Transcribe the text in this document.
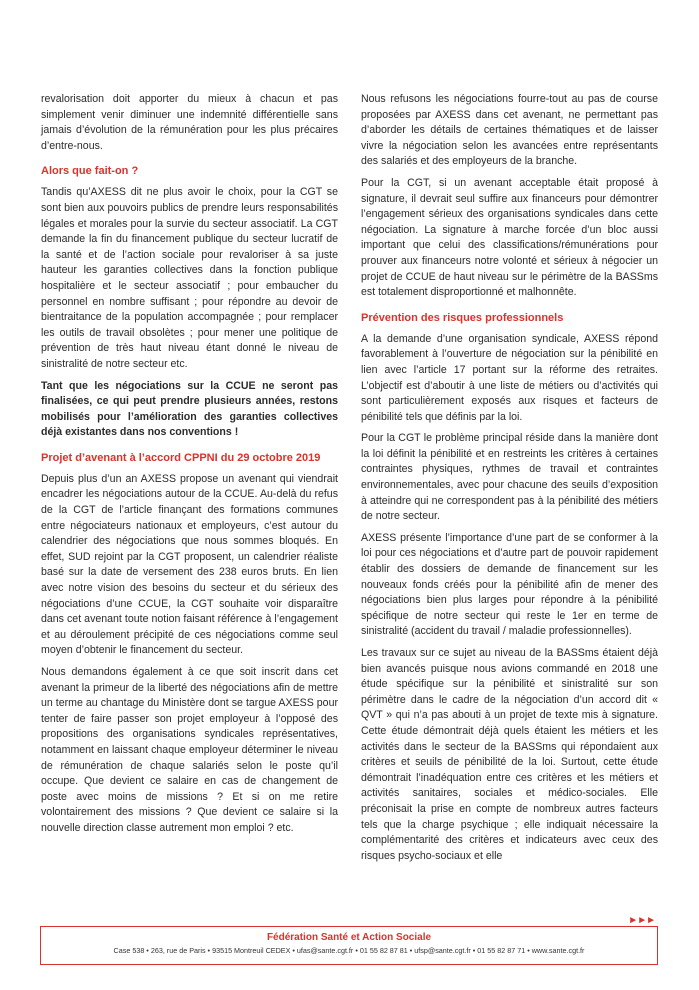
revalorisation doit apporter du mieux à chacun et pas simplement venir diminuer une indemnité différentielle sans jamais d’évolution de la rémunération pour les plus précaires d’entre-nous.

Alors que fait-on ?

Tandis qu’AXESS dit ne plus avoir le choix, pour la CGT se sont bien aux pouvoirs publics de prendre leurs responsabilités légales et morales pour la survie du secteur associatif. La CGT demande la fin du financement publique du secteur lucratif de la santé et de l’action sociale pour revaloriser à sa juste hauteur les garanties collectives dans la fonction publique hospitalière et le secteur associatif ; pour embaucher du personnel en nombre suffisant ; pour répondre au devoir de bientraitance de la population accompagnée ; pour remplacer les outils de travail obsolètes ; pour mener une politique de prévention de très haut niveau étant donné le niveau de sinistralité de notre secteur etc.

Tant que les négociations sur la CCUE ne seront pas finalisées, ce qui peut prendre plusieurs années, restons mobilisés pour l’amélioration des garanties collectives déjà existantes dans nos conventions !

Projet d’avenant à l’accord CPPNI du 29 octobre 2019

Depuis plus d’un an AXESS propose un avenant qui viendrait encadrer les négociations autour de la CCUE. Au-delà du refus de la CGT de l’article finançant des formations communes entre négociateurs nationaux et employeurs, c’est autour du calendrier des négociations que nous sommes bloqués. En effet, SUD rejoint par la CGT proposent, un calendrier réaliste basé sur la date de versement des 238 euros bruts. En lien avec notre vision des besoins du secteur et du sérieux des négociations d’une CCUE, la CGT souhaite voir disparaître dans cet avenant toute notion faisant référence à l’engagement et au déroulement précipité de ces négociations comme seul moyen d’obtenir le financement du secteur.

Nous demandons également à ce que soit inscrit dans cet avenant la primeur de la liberté des négociations afin de mettre un terme au chantage du Ministère dont se targue AXESS pour tenter de faire passer son projet employeur à l’opposé des propositions des organisations syndicales représentatives, notamment en laissant chaque employeur déterminer le niveau de rémunération de chaque salariés selon le poste qu’il occupe. Que devient ce salaire en cas de changement de poste avec moins de missions ? Et si on me retire volontairement des missions ? Que devient ce salaire si la nouvelle direction classe autrement mon emploi ? etc.

Nous refusons les négociations fourre-tout au pas de course proposées par AXESS dans cet avenant, ne permettant pas d’aborder les détails de certaines thématiques et de laisser vivre la négociation selon les avancées entre représentants des salariés et des employeurs de la branche.

Pour la CGT, si un avenant acceptable était proposé à signature, il devrait seul suffire aux financeurs pour démontrer l’engagement sérieux des organisations syndicales dans cette négociation. La signature à marche forcée d’un bloc aussi important que celui des classifications/rémunérations pour prouver aux financeurs notre volonté et sérieux à négocier un projet de CCUE de haut niveau sur le périmètre de la BASSms est totalement disproportionné et malhonnête.

Prévention des risques professionnels

A la demande d’une organisation syndicale, AXESS répond favorablement à l’ouverture de négociation sur la pénibilité en lien avec l’article 17 portant sur la réforme des retraites. L’objectif est d’aboutir à une liste de métiers ou d’activités qui sont particulièrement exposés aux risques et facteurs de pénibilité tels que définis par la loi.

Pour la CGT le problème principal réside dans la manière dont la loi définit la pénibilité et en restreints les critères à certaines contraintes physiques, rythmes de travail et contraintes environnementales, avec pour chacune des seuils d’exposition à atteindre qui ne correspondent pas à la pénibilité des métiers de notre secteur.

AXESS présente l’importance d’une part de se conformer à la loi pour ces négociations et d’autre part de pouvoir rapidement établir des dossiers de demande de financement sur les nouveaux fonds créés pour la pénibilité afin de mener des négociations bien plus larges pour répondre à la pénibilité spécifique de notre secteur qui reste le 1er en terme de sinistralité (accident du travail / maladie professionnelles).

Les travaux sur ce sujet au niveau de la BASSms étaient déjà bien avancés puisque nous avions commandé en 2018 une étude spécifique sur la pénibilité et sinistralité sur son périmètre dans le cadre de la négociation d’un accord dit « QVT » qui n’a pas abouti à un projet de texte mis à signature. Cette étude démontrait déjà quels étaient les métiers et les activités dans le secteur de la BASSms qui répondaient aux critères et seuils de pénibilité de la loi. Surtout, cette étude démontrait l’inadéquation entre ces critères et les métiers et activités sanitaires, sociales et médico-sociales. Elle préconisait la prise en compte de nombreux autres facteurs tels que la charge psychique ; elle indiquait nécessaire la complémentarité des critères et indicateurs avec ceux des risques psycho-sociaux et elle

►►►
Fédération Santé et Action Sociale
Case 538 • 263, rue de Paris • 93515 Montreuil CEDEX • ufas@sante.cgt.fr • 01 55 82 87 81 • ufsp@sante.cgt.fr • 01 55 82 87 71 • www.sante.cgt.fr
